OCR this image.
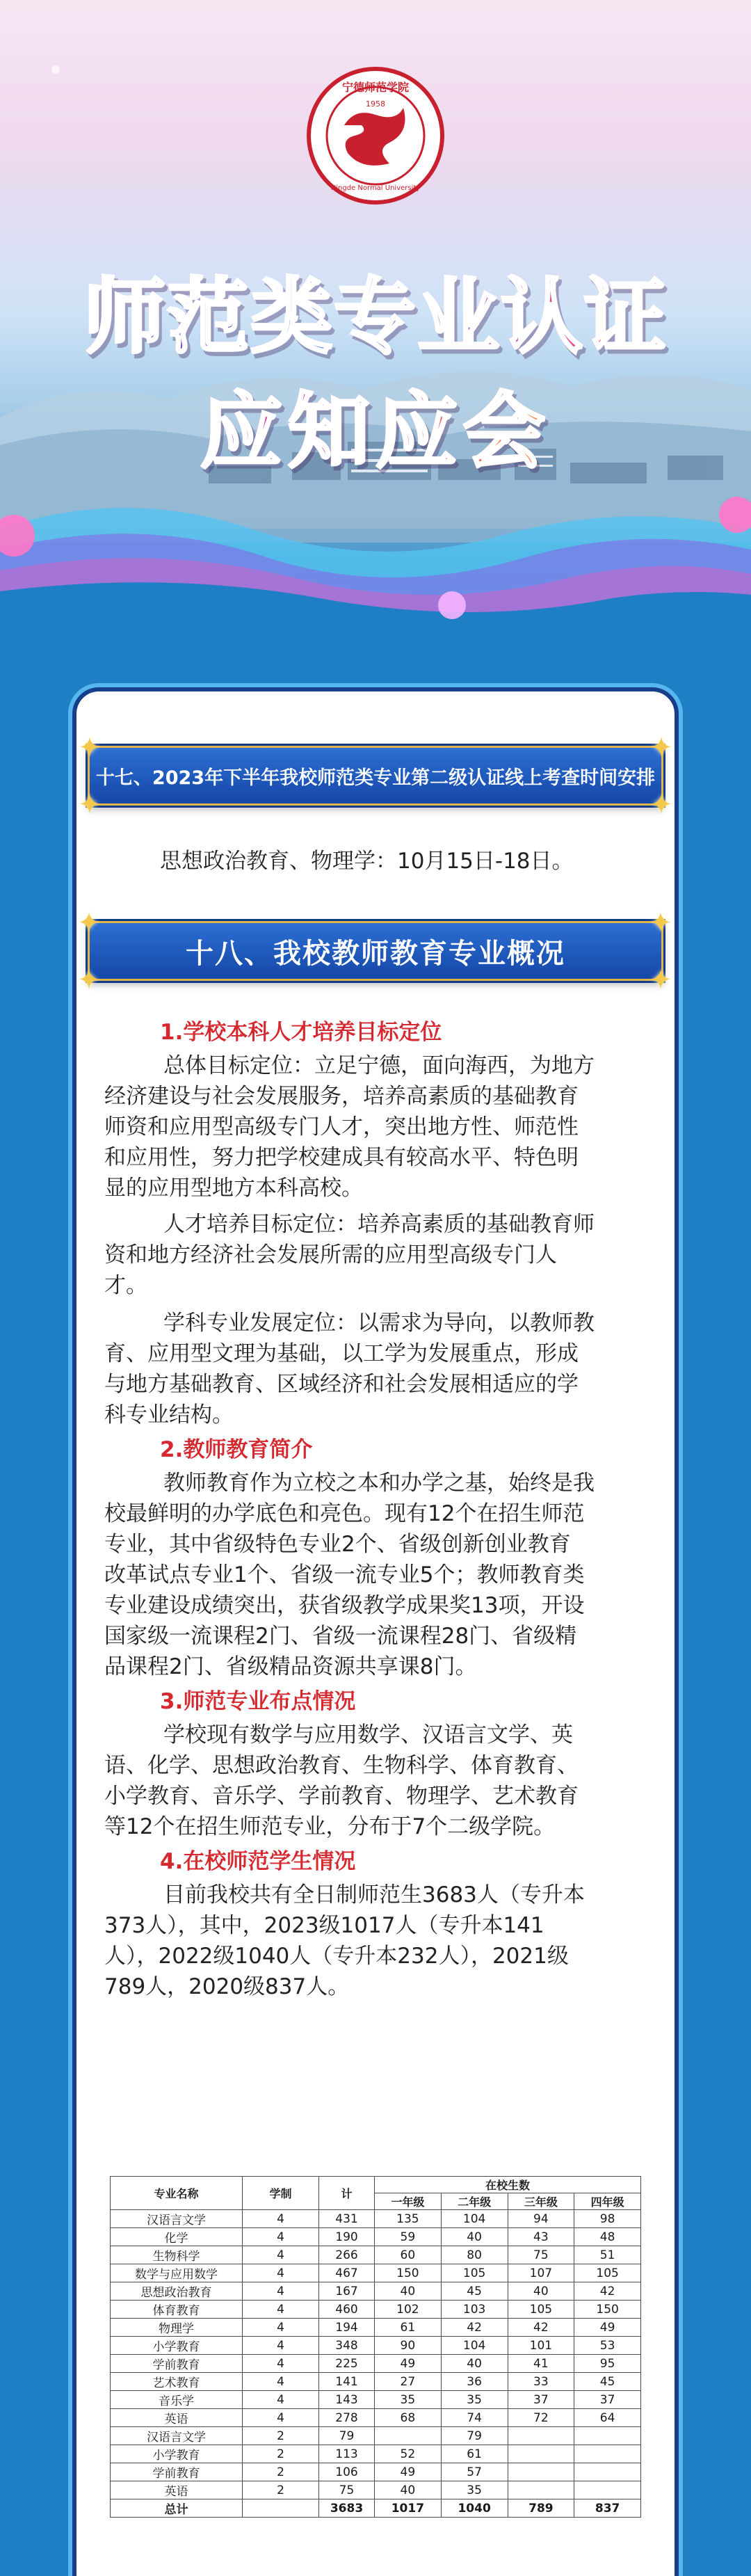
宁德师范学院
1958
Ningde Normal University
师范类专业认证
应知应会
十七、2023年下半年我校师范类专业第二级认证线上考查时间安排
✦
✦
✦
✦
思想政治教育、物理学：10月15日-18日。
十八、我校教师教育专业概况
✦
✦
✦
✦
1.学校本科人才培养目标定位
总体目标定位：立足宁德，面向海西，为地方
经济建设与社会发展服务，培养高素质的基础教育
师资和应用型高级专门人才，突出地方性、师范性
和应用性，努力把学校建成具有较高水平、特色明
显的应用型地方本科高校。
人才培养目标定位：培养高素质的基础教育师
资和地方经济社会发展所需的应用型高级专门人
才。
学科专业发展定位：以需求为导向，以教师教
育、应用型文理为基础，以工学为发展重点，形成
与地方基础教育、区域经济和社会发展相适应的学
科专业结构。
2.教师教育简介
教师教育作为立校之本和办学之基，始终是我
校最鲜明的办学底色和亮色。现有12个在招生师范
专业，其中省级特色专业2个、省级创新创业教育
改革试点专业1个、省级一流专业5个；教师教育类
专业建设成绩突出，获省级教学成果奖13项，开设
国家级一流课程2门、省级一流课程28门、省级精
品课程2门、省级精品资源共享课8门。
3.师范专业布点情况
学校现有数学与应用数学、汉语言文学、英
语、化学、思想政治教育、生物科学、体育教育、
小学教育、音乐学、学前教育、物理学、艺术教育
等12个在招生师范专业，分布于7个二级学院。
4.在校师范学生情况
目前我校共有全日制师范生3683人（专升本
373人），其中，2023级1017人（专升本141
人），2022级1040人（专升本232人），2021级
789人，2020级837人。
专业名称	学制	计	在校生数			
			一年级	二年级	三年级	四年级
汉语言文学	4	431	135	104	94	98
化学	4	190	59	40	43	48
生物科学	4	266	60	80	75	51
数学与应用数学	4	467	150	105	107	105
思想政治教育	4	167	40	45	40	42
体育教育	4	460	102	103	105	150
物理学	4	194	61	42	42	49
小学教育	4	348	90	104	101	53
学前教育	4	225	49	40	41	95
艺术教育	4	141	27	36	33	45
音乐学	4	143	35	35	37	37
英语	4	278	68	74	72	64
汉语言文学	2	79		79		
小学教育	2	113	52	61		
学前教育	2	106	49	57		
英语	2	75	40	35		
总计		3683	1017	1040	789	837
